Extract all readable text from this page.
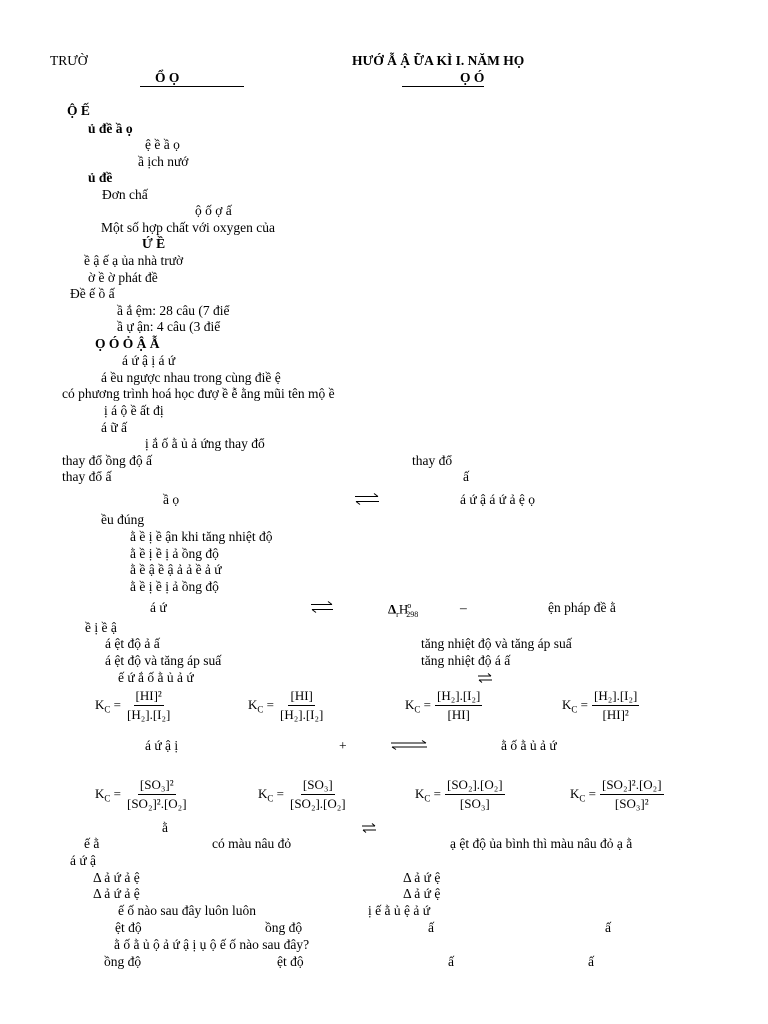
TRƯỜ	HƯỚ Ẫ Ậ ỮA KÌ I. NĂM HỌ
Ổ Ọ	Ọ Ó
Ộ Ế
ủ đề ầ ọ
ệ ề ầ ọ
ầ ịch nướ
ủ đề
Đơn chấ
ộ ố ợ ấ
Một số hợp chất với oxygen của
Ứ Ề
ề ậ ế ạ ủa nhà trườ
ờ ề ờ phát đề
Đề ế ồ ấ
ầ ắ ệm: 28 câu (7 điể
ầ ự ận: 4 câu (3 điể
Ọ Ó Ỏ Ậ Ẫ
á ứ ậ ị á ứ
á ều ngược nhau trong cùng điề ệ
có phương trình hoá học đượ ề ễ ằng mũi tên mộ ề
ị á ộ ề ất đị
á ữ ấ
ị ắ ố ằ ủ ả ứng thay đổ
thay đổ ồng độ ấ	thay đổ
thay đổ ấ	ấ
ầ ọ	á ứ ậ á ứ ả ệ ọ
ều đúng
ằ ề ị ề ận khi tăng nhiệt độ
ằ ề ị ề ị ả ồng độ
ằ ề ậ ề ậ ả ả ề ả ứ
ằ ề ị ề ị ả ồng độ
á ứ	$\Delta_rH^o_{298}$	–	ện pháp đề ằ
ề ị ề ậ
á ệt độ ả ấ	tăng nhiệt độ và tăng áp suấ
á ệt độ và tăng áp suấ	tăng nhiệt độ á ấ
ế ứ ắ ố ằ ủ ả ứ
$K_C = \frac{\text{[HI]²}}{\text{[H₂].[I₂]}}$	$K_C = \frac{[HI]}{\text{[H₂].[I₂]}}$	$K_C = \frac{\text{[H₂].[I₂]}}{[HI]}$	$K_C = \frac{\text{[H₂].[I₂]}}{\text{[HI]²}}$
á ứ ậ ị	+	ằ ố ằ ủ ả ứ
$K_C = \frac{\text{[SO₃]²}}{\text{[SO₂]².[O₂]}}$	$K_C = \frac{\text{[SO₃]}}{\text{[SO₂].[O₂]}}$	$K_C = \frac{\text{[SO₂].[O₂]}}{\text{[SO₃]}}$	$K_C = \frac{\text{[SO₂]².[O₂]}}{\text{[SO₃]²}}$
ằ
ế ằ	có màu nâu đỏ	ạ ệt độ ủa bình thì màu nâu đỏ ạ ằ
á ứ ậ
Δ ả ứ ả ệ	Δ ả ứ ệ
Δ ả ứ ả ệ	Δ ả ứ ệ
ế ố nào sau đây luôn luôn	ị ế ằ ủ ệ ả ứ
ệt độ	ồng độ	ấ	ấ
ằ ố ằ ủ ộ ả ứ ậ ị ụ ộ ế ố nào sau đây?
ồng độ	ệt độ	ấ	ấ
